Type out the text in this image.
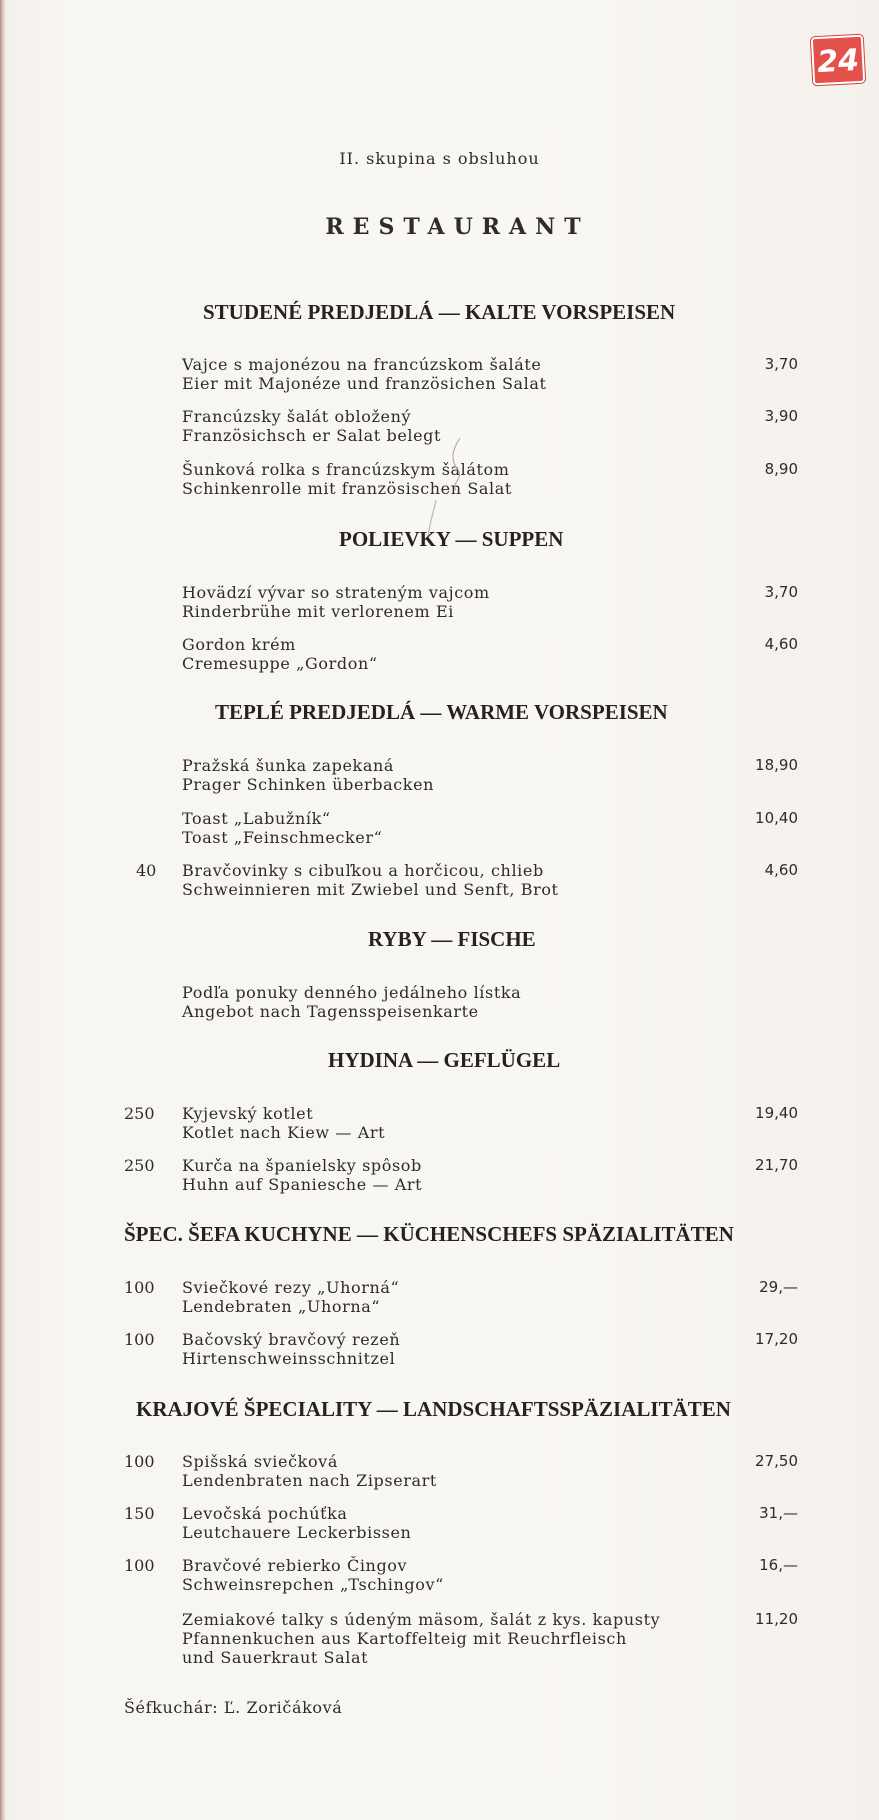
24
II. skupina s obsluhou
RESTAURANT
STUDENÉ PREDJEDLÁ — KALTE VORSPEISEN
Vajce s majonézou na francúzskom šaláte
Eier mit Majonéze und französichen Salat
3,70
Francúzsky šalát obložený
Französichsch er Salat belegt
3,90
Šunková rolka s francúzskym šalátom
Schinkenrolle mit französischen Salat
8,90
POLIEVKY — SUPPEN
Hovädzí vývar so strateným vajcom
Rinderbrühe mit verlorenem Ei
3,70
Gordon krém
Cremesuppe „Gordon“
4,60
TEPLÉ PREDJEDLÁ — WARME VORSPEISEN
Pražská šunka zapekaná
Prager Schinken überbacken
18,90
Toast „Labužník“
Toast „Feinschmecker“
10,40
40	Bravčovinky s cibuľkou a horčicou, chlieb
Schweinnieren mit Zwiebel und Senft, Brot
4,60
RYBY — FISCHE
Podľa ponuky denného jedálneho lístka
Angebot nach Tagensspeisenkarte
HYDINA — GEFLÜGEL
250	Kyjevský kotlet
Kotlet nach Kiew — Art
19,40
250	Kurča na španielsky spôsob
Huhn auf Spaniesche — Art
21,70
ŠPEC. ŠEFA KUCHYNE — KÜCHENSCHEFS SPÄZIALITÄTEN
100	Sviečkové rezy „Uhorná“
Lendebraten „Uhorna“
29,—
100	Bačovský bravčový rezeň
Hirtenschweinsschnitzel
17,20
KRAJOVÉ ŠPECIALITY — LANDSCHAFTSSPÄZIALITÄTEN
100	Spišská sviečková
Lendenbraten nach Zipserart
27,50
150	Levočská pochúťka
Leutchauere Leckerbissen
31,—
100	Bravčové rebierko Čingov
Schweinsrepchen „Tschingov“
16,—
Zemiakové talky s údeným mäsom, šalát z kys. kapusty
Pfannenkuchen aus Kartoffelteig mit Reuchrfleisch
und Sauerkraut Salat
11,20
Šéfkuchár: Ľ. Zoričáková
